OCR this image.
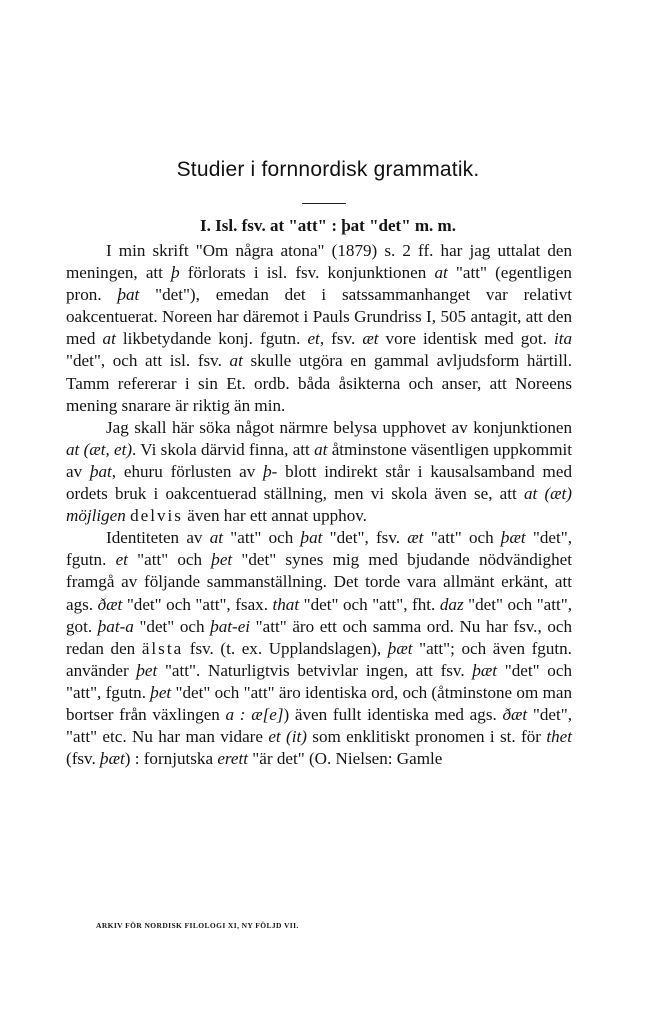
Studier i fornnordisk grammatik.
I. Isl. fsv. at "att" : þat "det" m. m.

I min skrift "Om några atona" (1879) s. 2 ff. har jag uttalat den meningen, att þ förlorats i isl. fsv. konjunktionen at "att" (egentligen pron. þat "det"), emedan det i satssammanhanget var relativt oakcentuerat. Noreen har däremot i Pauls Grundriss I, 505 antagit, att den med at likbetydande konj. fgutn. et, fsv. æt vore identisk med got. ita "det", och att isl. fsv. at skulle utgöra en gammal avljudsform härtill. Tamm refererar i sin Et. ordb. båda åsikterna och anser, att Noreens mening snarare är riktig än min.

Jag skall här söka något närmre belysa upphovet av konjunktionen at (æt, et). Vi skola därvid finna, att at åtminstone väsentligen uppkommit av þat, ehuru förlusten av þ- blott indirekt står i kausalsamband med ordets bruk i oakcentuerad ställning, men vi skola även se, att at (æt) möjligen delvis även har ett annat upphov.

Identiteten av at "att" och þat "det", fsv. æt "att" och þæt "det", fgutn. et "att" och þet "det" synes mig med bjudande nödvändighet framgå av följande sammanställning. Det torde vara allmänt erkänt, att ags. ðæt "det" och "att", fsax. that "det" och "att", fht. daz "det" och "att", got. þat-a "det" och þat-ei "att" äro ett och samma ord. Nu har fsv., och redan den älsta fsv. (t. ex. Upplandslagen), þæt "att"; och även fgutn. använder þet "att". Naturligtvis betvivlar ingen, att fsv. þæt "det" och "att", fgutn. þet "det" och "att" äro identiska ord, och (åtminstone om man bortser från växlingen a : æ[e]) även fullt identiska med ags. ðæt "det", "att" etc. Nu har man vidare et (it) som enklitiskt pronomen i st. för thet (fsv. þæt) : fornjutska erett "är det" (O. Nielsen: Gamle

ARKIV FÖR NORDISK FILOLOGI XI, NY FÖLJD VII.
